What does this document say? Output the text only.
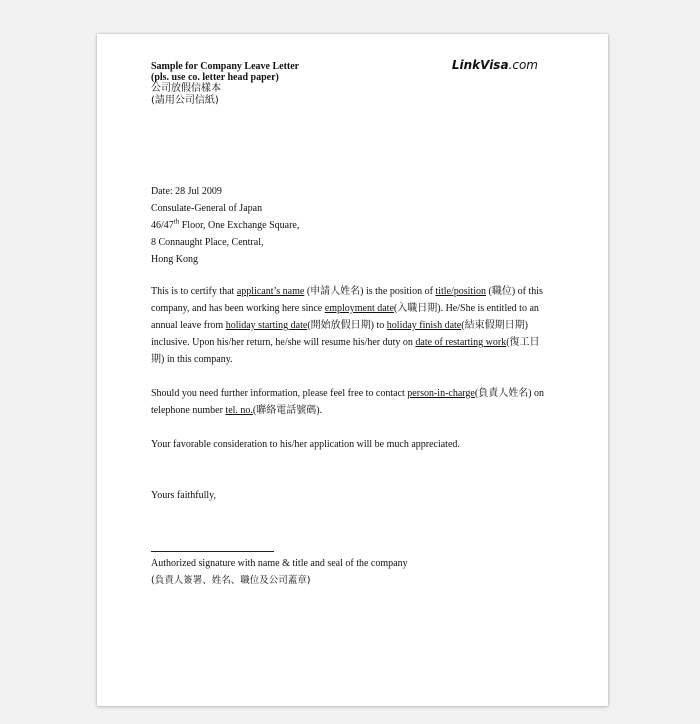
Sample for Company Leave Letter
(pls. use co. letter head paper)
公司放假信樣本
(請用公司信紙)
LinkVisa.com
Date: 28 Jul 2009
Consulate-General of Japan
46/47th Floor, One Exchange Square,
8 Connaught Place, Central,
Hong Kong
This is to certify that applicant’s name (申請人姓名) is the position of title/position (職位) of this company, and has been working here since employment date(入職日期). He/She is entitled to an annual leave from holiday starting date(開始放假日期) to holiday finish date(結束假期日期) inclusive. Upon his/her return, he/she will resume his/her duty on date of restarting work(復工日期) in this company.
Should you need further information, please feel free to contact person-in-charge(負責人姓名) on telephone number tel. no.(聯絡電話號碼).
Your favorable consideration to his/her application will be much appreciated.
Yours faithfully,
Authorized signature with name & title and seal of the company
(負責人簽署、姓名、職位及公司蓋章)
